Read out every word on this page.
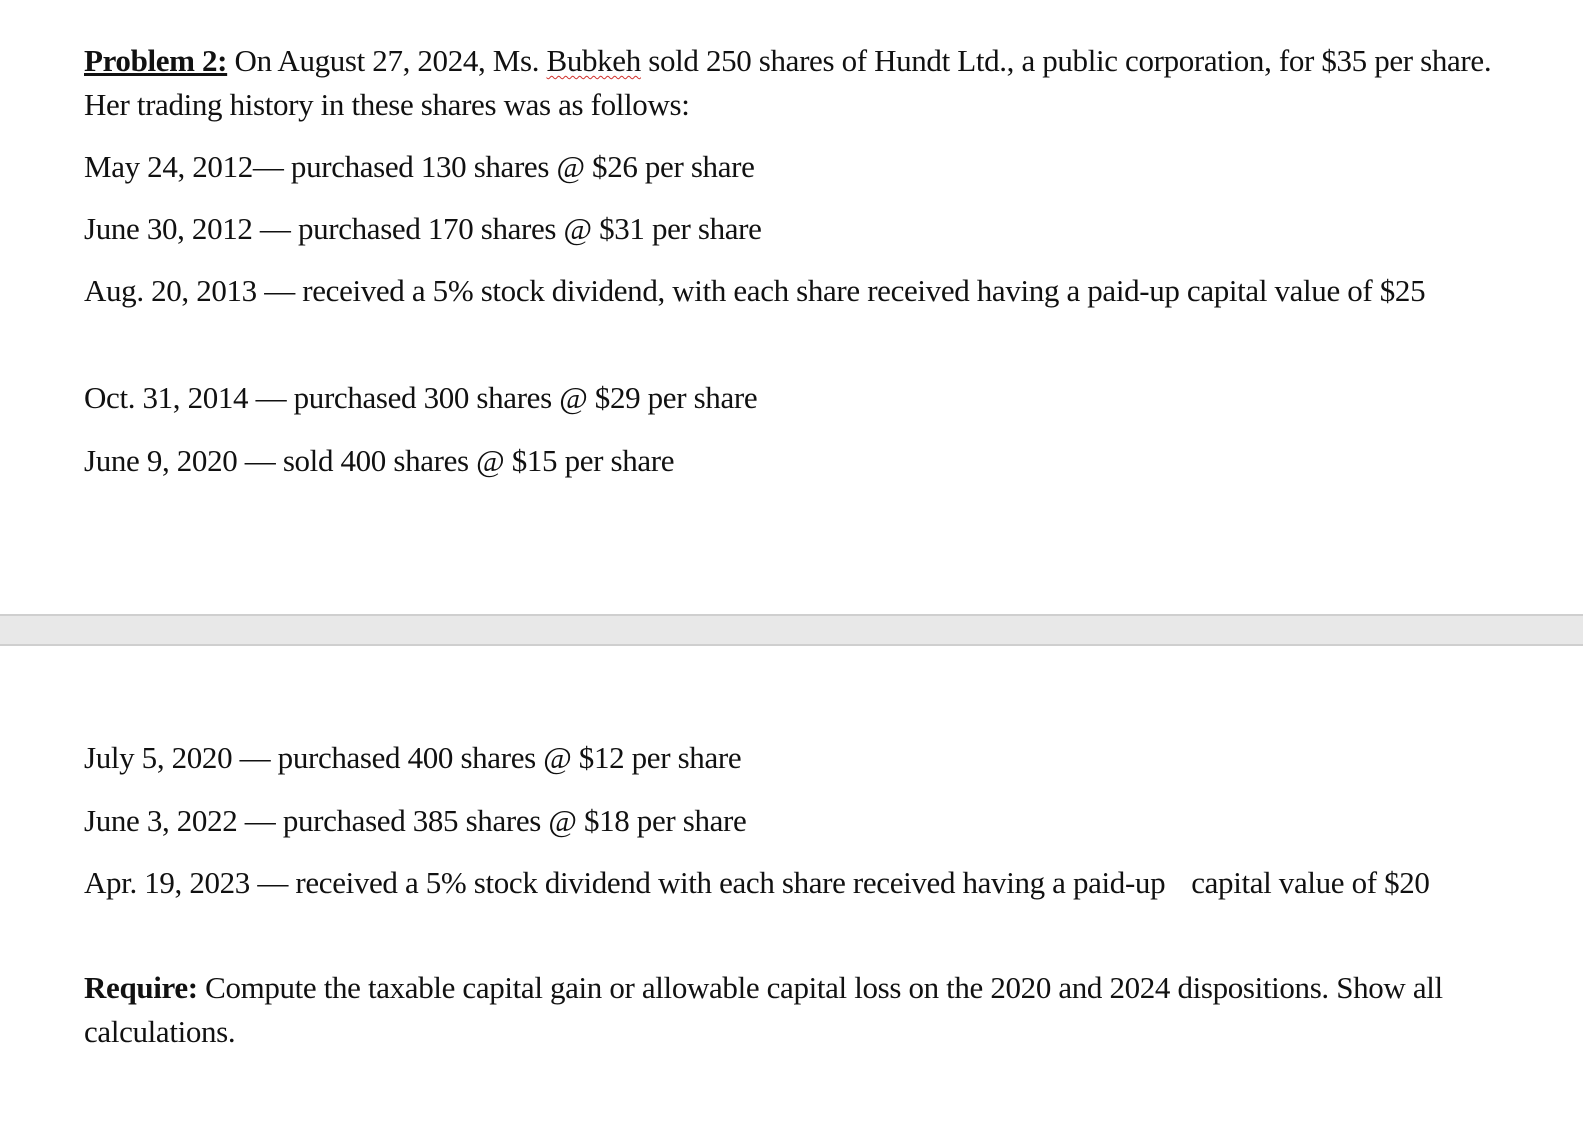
Problem 2: On August 27, 2024, Ms. Bubkeh sold 250 shares of Hundt Ltd., a public corporation, for $35 per share. Her trading history in these shares was as follows:

May 24, 2012— purchased 130 shares @ $26 per share

June 30, 2012 — purchased 170 shares @ $31 per share

Aug. 20, 2013 — received a 5% stock dividend, with each share received having a paid-up capital value of $25

Oct. 31, 2014 — purchased 300 shares @ $29 per share

June 9, 2020 — sold 400 shares @ $15 per share

July 5, 2020 — purchased 400 shares @ $12 per share

June 3, 2022 — purchased 385 shares @ $18 per share

Apr. 19, 2023 — received a 5% stock dividend with each share received having a paid-up capital value of $20

Require: Compute the taxable capital gain or allowable capital loss on the 2020 and 2024 dispositions. Show all calculations.
